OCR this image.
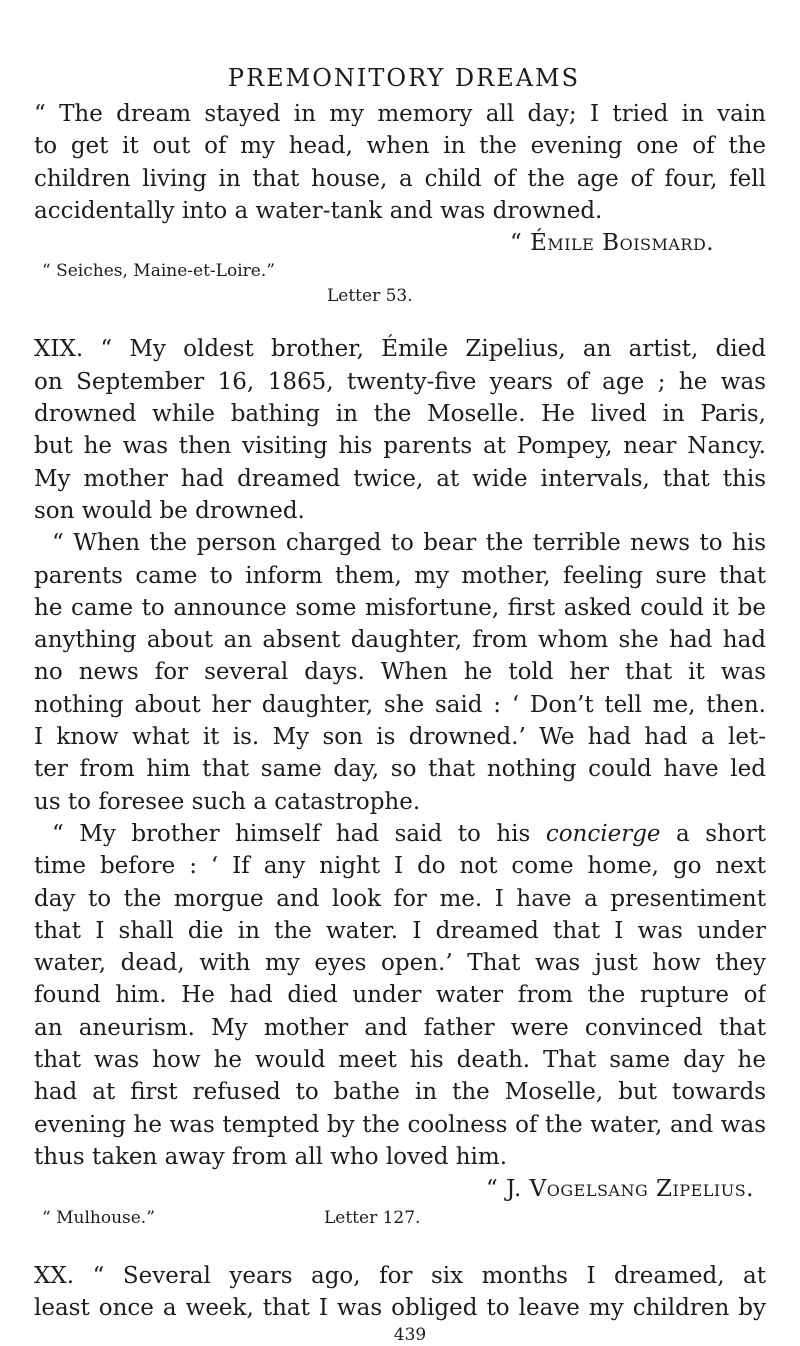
PREMONITORY DREAMS
“ The dream stayed in my memory all day; I tried in vain
to get it out of my head, when in the evening one of the
children living in that house, a child of the age of four, fell
accidentally into a water-tank and was drowned.
“ Émile Boismard.
“ Seiches, Maine-et-Loire.”
Letter 53.
XIX. “ My oldest brother, Émile Zipelius, an artist, died
on September 16, 1865, twenty-five years of age ; he was
drowned while bathing in the Moselle. He lived in Paris,
but he was then visiting his parents at Pompey, near Nancy.
My mother had dreamed twice, at wide intervals, that this
son would be drowned.
“ When the person charged to bear the terrible news to his
parents came to inform them, my mother, feeling sure that
he came to announce some misfortune, first asked could it be
anything about an absent daughter, from whom she had had
no news for several days. When he told her that it was
nothing about her daughter, she said : ‘ Don’t tell me, then.
I know what it is. My son is drowned.’ We had had a let-
ter from him that same day, so that nothing could have led
us to foresee such a catastrophe.
“ My brother himself had said to his concierge a short
time before : ‘ If any night I do not come home, go next
day to the morgue and look for me. I have a presentiment
that I shall die in the water. I dreamed that I was under
water, dead, with my eyes open.’ That was just how they
found him. He had died under water from the rupture of
an aneurism. My mother and father were convinced that
that was how he would meet his death. That same day he
had at first refused to bathe in the Moselle, but towards
evening he was tempted by the coolness of the water, and was
thus taken away from all who loved him.
“ J. Vogelsang Zipelius.
“ Mulhouse.”	Letter 127.
XX. “ Several years ago, for six months I dreamed, at
least once a week, that I was obliged to leave my children by
439
